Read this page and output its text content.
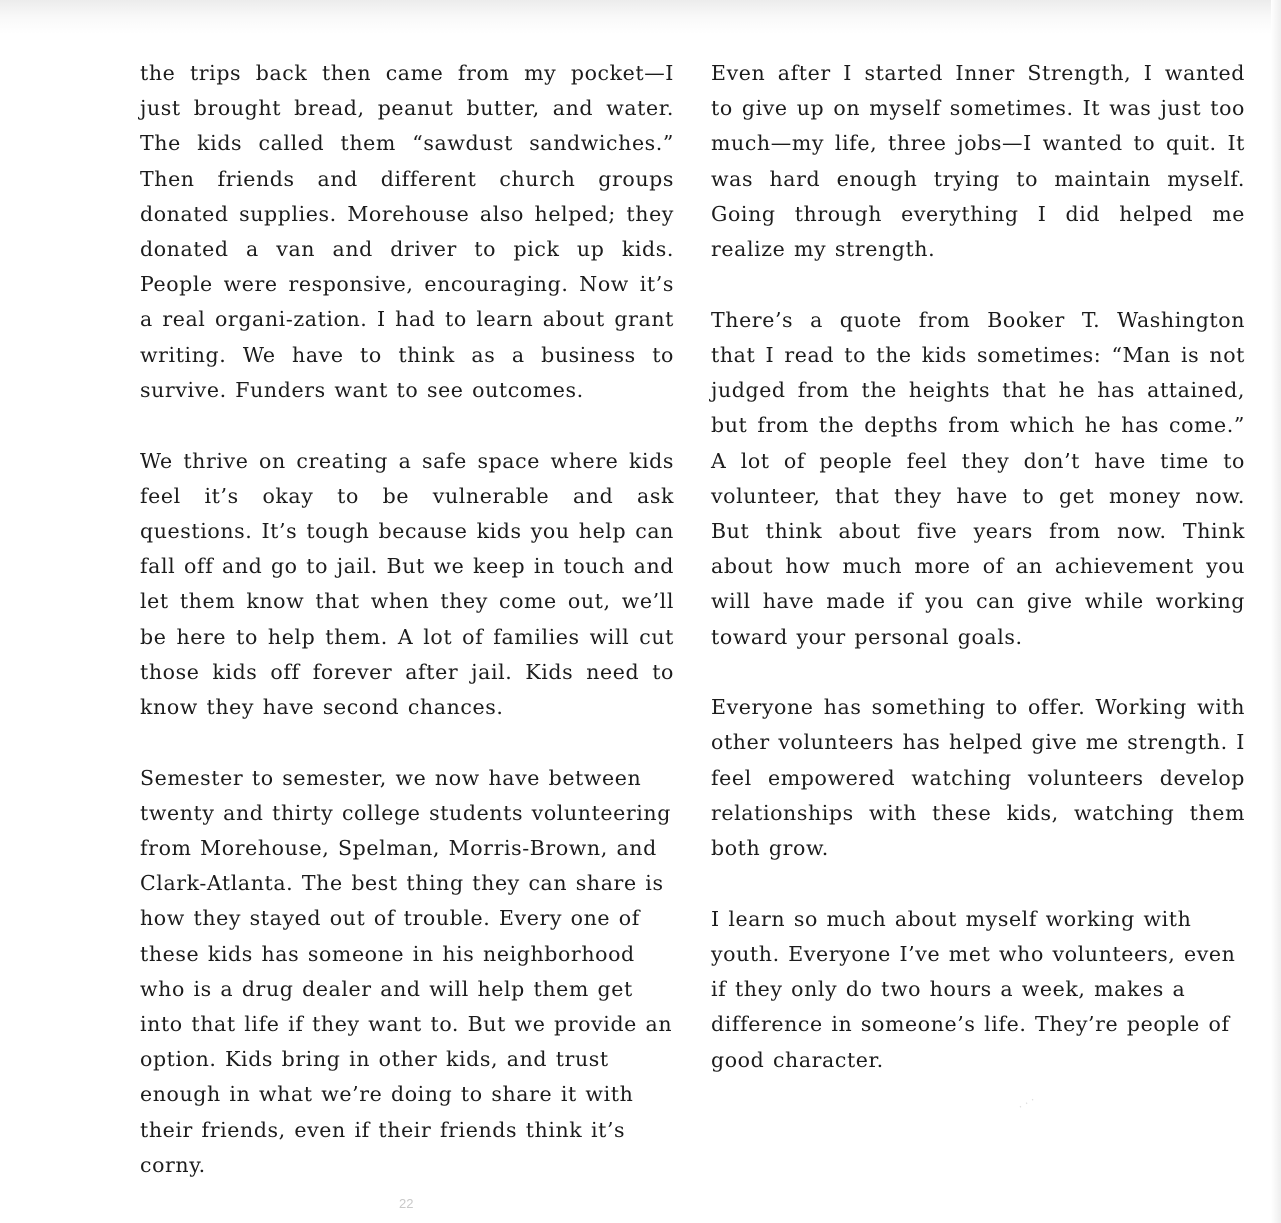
the trips back then came from my pocket—I just brought bread, peanut butter, and water. The kids called them “sawdust sandwiches.” Then friends and different church groups donated supplies. Morehouse also helped; they donated a van and driver to pick up kids. People were responsive, encouraging. Now it’s a real organi-zation. I had to learn about grant writing. We have to think as a business to survive. Funders want to see outcomes.

We thrive on creating a safe space where kids feel it’s okay to be vulnerable and ask questions. It’s tough because kids you help can fall off and go to jail. But we keep in touch and let them know that when they come out, we’ll be here to help them. A lot of families will cut those kids off forever after jail. Kids need to know they have second chances.

Semester to semester, we now have between twenty and thirty college students volunteering from Morehouse, Spelman, Morris-Brown, and Clark-Atlanta. The best thing they can share is how they stayed out of trouble. Every one of these kids has someone in his neighborhood who is a drug dealer and will help them get into that life if they want to. But we provide an option. Kids bring in other kids, and trust enough in what we’re doing to share it with their friends, even if their friends think it’s corny.

Even after I started Inner Strength, I wanted to give up on myself sometimes. It was just too much—my life, three jobs—I wanted to quit. It was hard enough trying to maintain myself. Going through everything I did helped me realize my strength.

There’s a quote from Booker T. Washington that I read to the kids sometimes: “Man is not judged from the heights that he has attained, but from the depths from which he has come.” A lot of people feel they don’t have time to volunteer, that they have to get money now. But think about five years from now. Think about how much more of an achievement you will have made if you can give while working toward your personal goals.

Everyone has something to offer. Working with other volunteers has helped give me strength. I feel empowered watching volunteers develop relationships with these kids, watching them both grow.

I learn so much about myself working with youth. Everyone I’ve met who volunteers, even if they only do two hours a week, makes a difference in someone’s life. They’re people of good character.

22
· · ·
